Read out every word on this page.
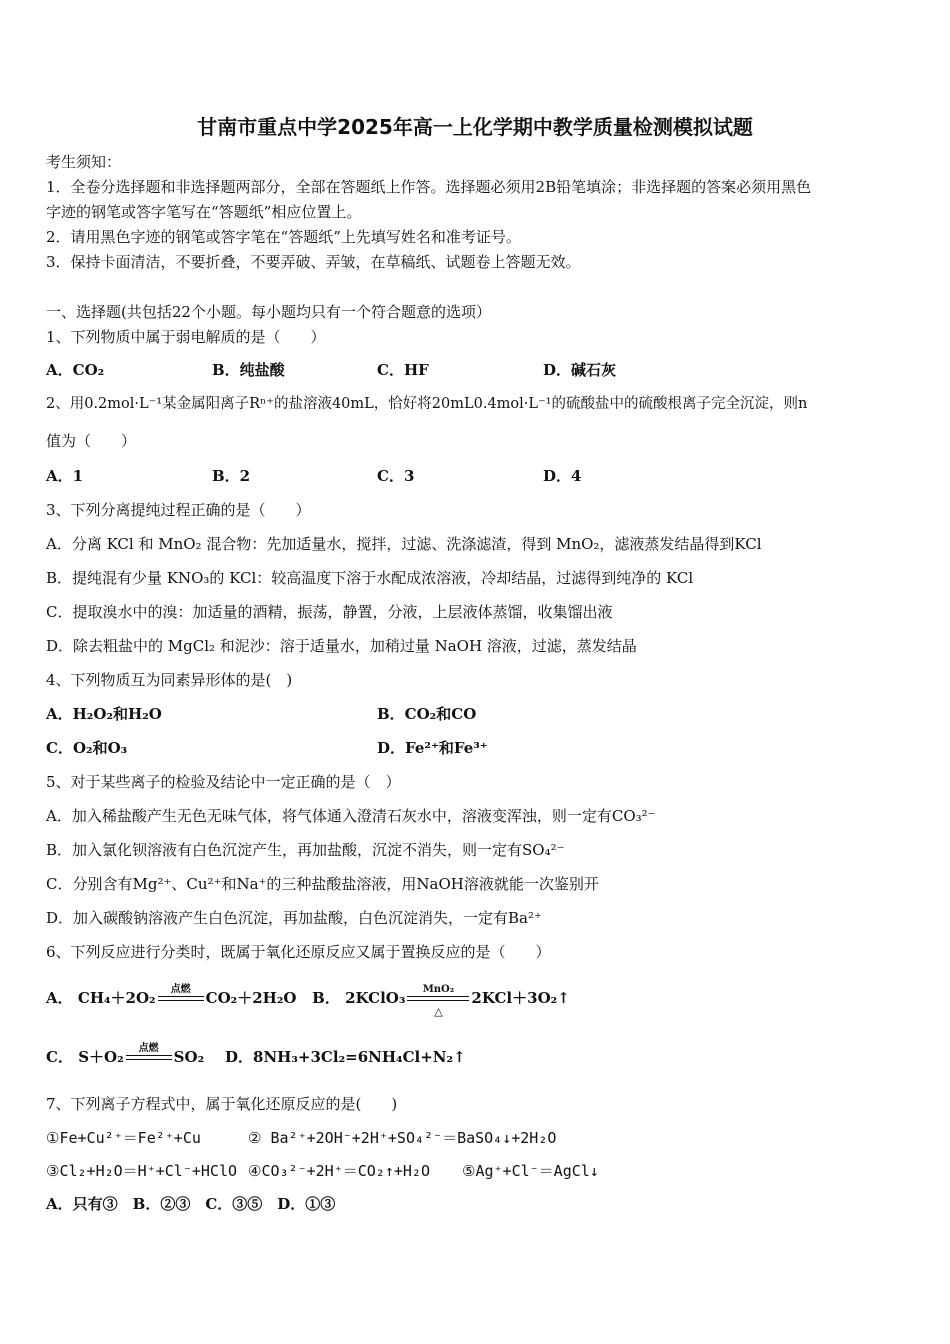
甘南市重点中学2025年高一上化学期中教学质量检测模拟试题
考生须知：
1．全卷分选择题和非选择题两部分，全部在答题纸上作答。选择题必须用2B铅笔填涂；非选择题的答案必须用黑色
字迹的钢笔或答字笔写在“答题纸”相应位置上。
2．请用黑色字迹的钢笔或答字笔在“答题纸”上先填写姓名和准考证号。
3．保持卡面清洁，不要折叠，不要弄破、弄皱，在草稿纸、试题卷上答题无效。
一、选择题(共包括22个小题。每小题均只有一个符合题意的选项）
1、下列物质中属于弱电解质的是（　　）
A．CO₂	B．纯盐酸	C．HF	D．碱石灰
2、用0.2mol·L⁻¹某金属阳离子Rⁿ⁺的盐溶液40mL，恰好将20mL0.4mol·L⁻¹的硫酸盐中的硫酸根离子完全沉淀，则n
值为（　　）
A．1	B．2	C．3	D．4
3、下列分离提纯过程正确的是（　　）
A．分离 KCl 和 MnO₂ 混合物：先加适量水，搅拌，过滤、洗涤滤渣，得到 MnO₂，滤液蒸发结晶得到KCl
B．提纯混有少量 KNO₃的 KCl：较高温度下溶于水配成浓溶液，冷却结晶，过滤得到纯净的 KCl
C．提取溴水中的溴：加适量的酒精，振荡，静置，分液，上层液体蒸馏，收集馏出液
D．除去粗盐中的 MgCl₂ 和泥沙：溶于适量水，加稍过量 NaOH 溶液，过滤，蒸发结晶
4、下列物质互为同素异形体的是(　)
A．H₂O₂和H₂O	B．CO₂和CO
C．O₂和O₃	D．Fe²⁺和Fe³⁺
5、对于某些离子的检验及结论中一定正确的是（　）
A．加入稀盐酸产生无色无味气体，将气体通入澄清石灰水中，溶液变浑浊，则一定有CO₃²⁻
B．加入氯化钡溶液有白色沉淀产生，再加盐酸，沉淀不消失，则一定有SO₄²⁻
C．分别含有Mg²⁺、Cu²⁺和Na⁺的三种盐酸盐溶液，用NaOH溶液就能一次鉴别开
D．加入碳酸钠溶液产生白色沉淀，再加盐酸，白色沉淀消失，一定有Ba²⁺
6、下列反应进行分类时，既属于氧化还原反应又属于置换反应的是（　　）
A． CH₄＋2O₂	点燃	CO₂＋2H₂O B． 2KClO₃	MnO₂
△
2KCl＋3O₂↑
C． S＋O₂	点燃	SO₂ D．8NH₃+3Cl₂=6NH₄Cl+N₂↑
7、下列离子方程式中，属于氧化还原反应的是(　　)
①Fe+Cu²⁺＝Fe²⁺+Cu	② Ba²⁺+2OH⁻+2H⁺+SO₄²⁻＝BaSO₄↓+2H₂O
③Cl₂+H₂O＝H⁺+Cl⁻+HClO ④CO₃²⁻+2H⁺＝CO₂↑+H₂O ⑤Ag⁺+Cl⁻＝AgCl↓
A．只有③　B．②③　C．③⑤　D．①③
